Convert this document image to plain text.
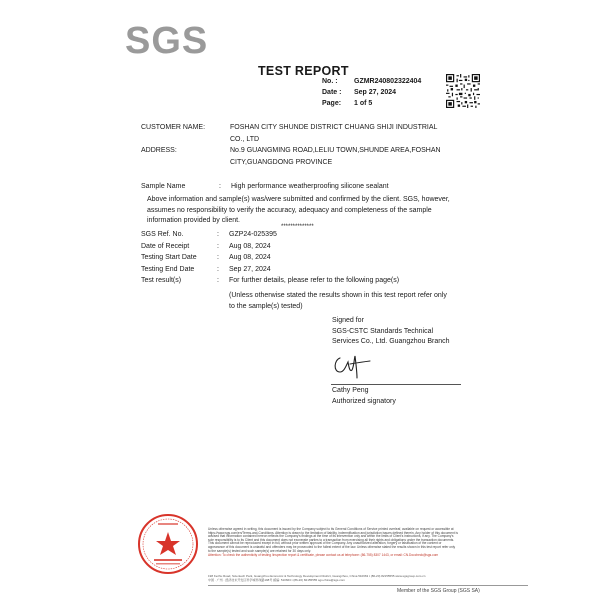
SGS
TEST REPORT
No. :	GZMR240802322404
Date :	Sep 27, 2024
Page:	1 of 5
CUSTOMER NAME:	FOSHAN CITY SHUNDE DISTRICT CHUANG SHIJI INDUSTRIAL
CO., LTD
ADDRESS:	No.9 GUANGMING ROAD,LELIU TOWN,SHUNDE AREA,FOSHAN
CITY,GUANGDONG PROVINCE
Sample Name	: High performance weatherproofing silicone sealant
Above information and sample(s) was/were submitted and confirmed by the client. SGS, however,
assumes no responsibility to verify the accuracy, adequacy and completeness of the sample
information provided by client.
**************
SGS Ref. No.	:	GZP24-025395
Date of Receipt	:	Aug 08, 2024
Testing Start Date	:	Aug 08, 2024
Testing End Date	:	Sep 27, 2024
Test result(s)	:	For further details, please refer to the following page(s)
(Unless otherwise stated the results shown in this test report refer only
to the sample(s) tested)
Signed for
SGS-CSTC Standards Technical
Services Co., Ltd. Guangzhou Branch
Cathy Peng
Authorized signatory
Unless otherwise agreed in writing, this document is issued by the Company subject to its General Conditions of Service printed overleaf, available on request or accessible at https://www.sgs.com/en/Terms-and-Conditions. Attention is drawn to the limitation of liability, indemnification and jurisdiction issues defined therein. Any holder of this document is advised that information contained hereon reflects the Company's findings at the time of its intervention only and within the limits of Client's instructions, if any. The Company's sole responsibility is to its Client and this document does not exonerate parties to a transaction from exercising all their rights and obligations under the transaction documents. This document cannot be reproduced except in full, without prior written approval of the Company. Any unauthorized alteration, forgery or falsification of the content or appearance of this document is unlawful and offenders may be prosecuted to the fullest extent of the law. Unless otherwise stated the results shown in this test report refer only to the sample(s) tested and such sample(s) are retained for 30 days only.
Attention: To check the authenticity of testing /inspection report & certificate, please contact us at telephone: (86-755) 8307 1443, or email: CN.Doccheck@sgs.com
198 Kezhu Road, Scientech Park, Guangzhou Economic & Technology Development District, Guangzhou, China 510663 t (86-20) 82155555 www.sgsgroup.com.cn
中国 · 广州 · 经济技术开发区科学城科珠路198号 邮编: 510663 t (86-20) 82155555 sgs.china@sgs.com
Member of the SGS Group (SGS SA)
